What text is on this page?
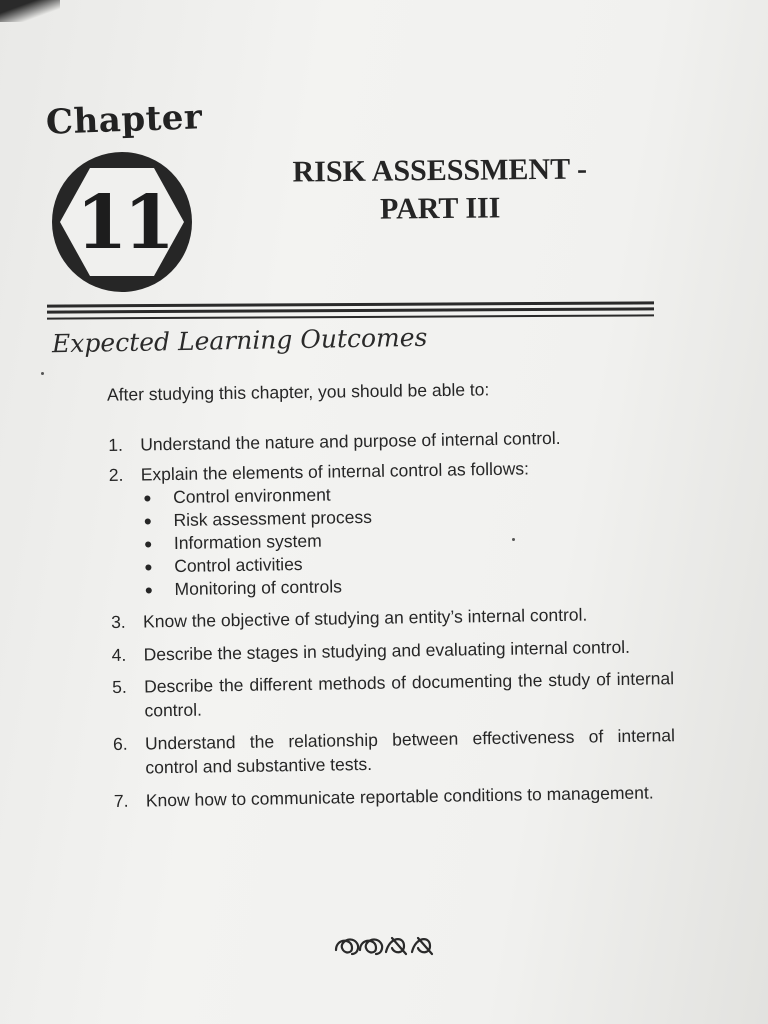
Chapter
11
RISK ASSESSMENT -
PART III
Expected Learning Outcomes
After studying this chapter, you should be able to:
1. Understand the nature and purpose of internal control.
2. Explain the elements of internal control as follows:
● Control environment
● Risk assessment process
● Information system
● Control activities
● Monitoring of controls
3. Know the objective of studying an entity’s internal control.
4. Describe the stages in studying and evaluating internal control.
5. Describe the different methods of documenting the study of internal control.
6. Understand the relationship between effectiveness of internal control and substantive tests.
7. Know how to communicate reportable conditions to management.
